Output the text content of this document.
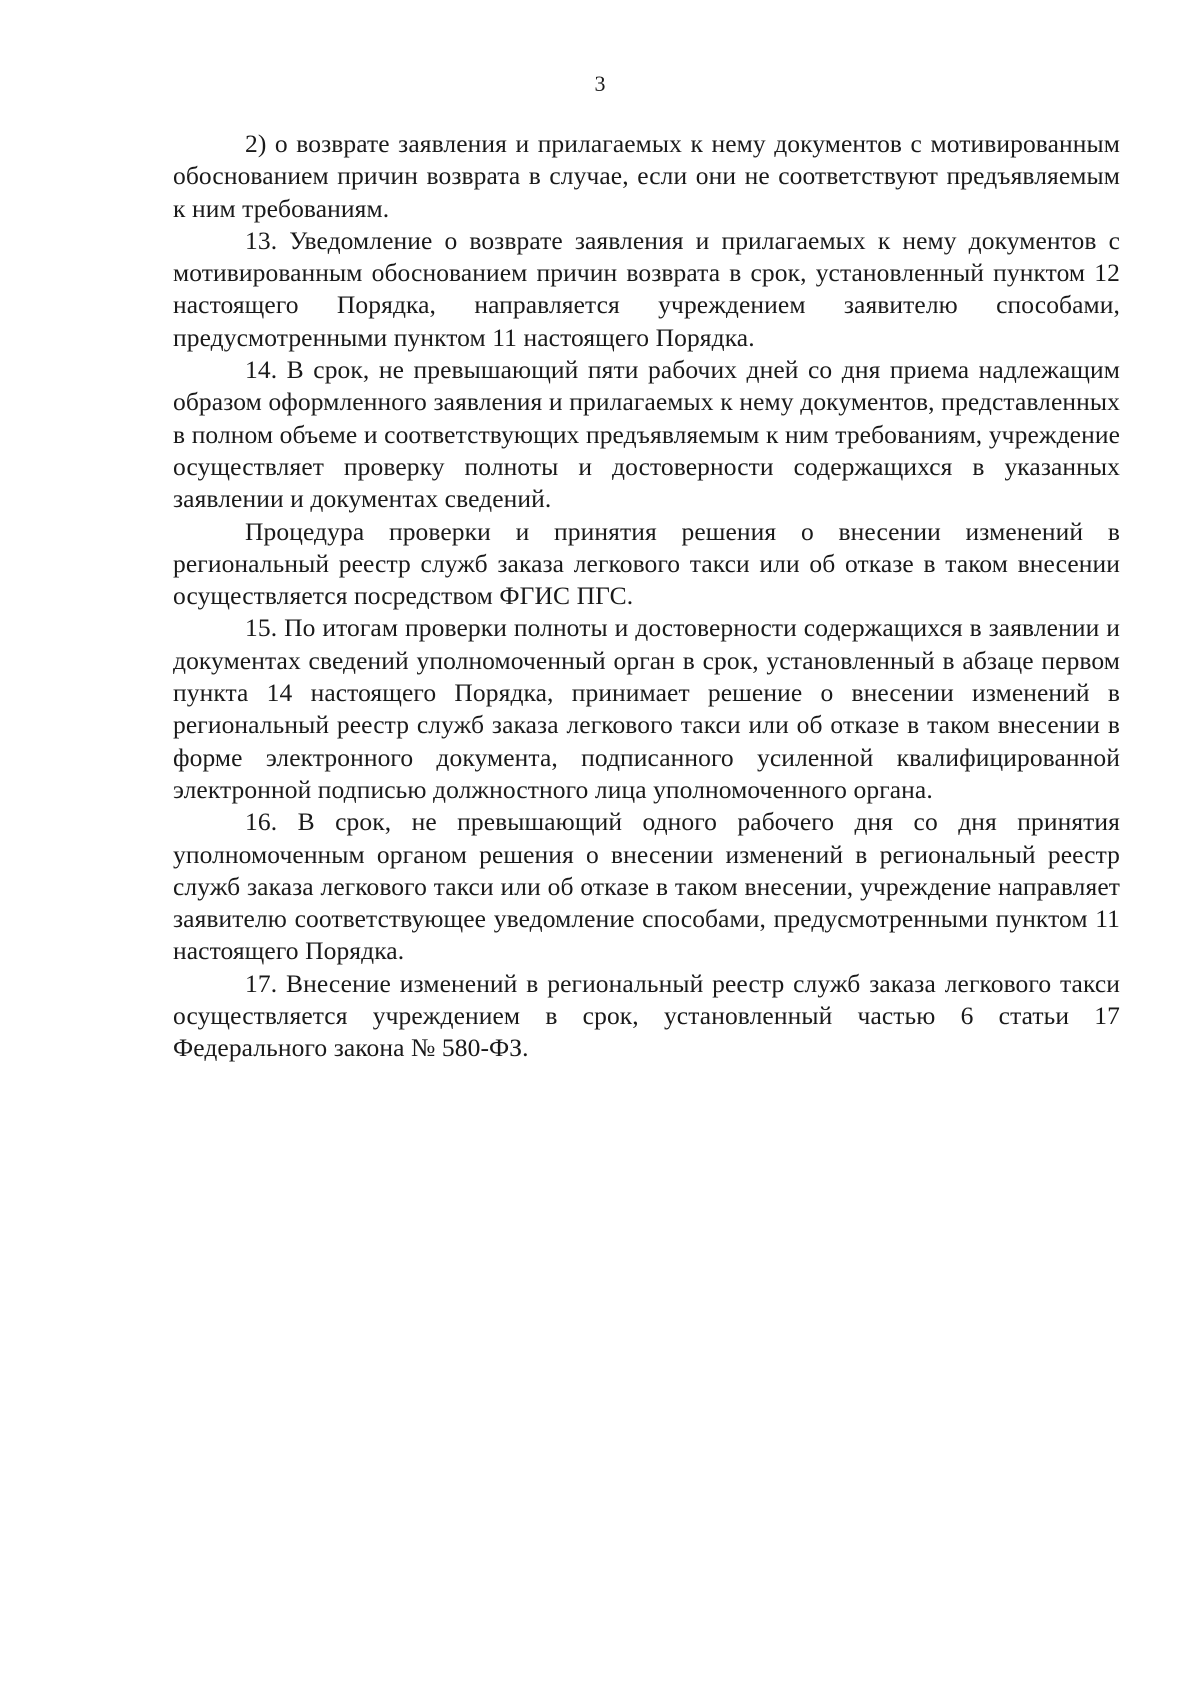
3

2) о возврате заявления и прилагаемых к нему документов с мотивированным обоснованием причин возврата в случае, если они не соответствуют предъявляемым к ним требованиям.

13. Уведомление о возврате заявления и прилагаемых к нему документов с мотивированным обоснованием причин возврата в срок, установленный пунктом 12 настоящего Порядка, направляется учреждением заявителю способами, предусмотренными пунктом 11 настоящего Порядка.

14. В срок, не превышающий пяти рабочих дней со дня приема надлежащим образом оформленного заявления и прилагаемых к нему документов, представленных в полном объеме и соответствующих предъявляемым к ним требованиям, учреждение осуществляет проверку полноты и достоверности содержащихся в указанных заявлении и документах сведений.

Процедура проверки и принятия решения о внесении изменений в региональный реестр служб заказа легкового такси или об отказе в таком внесении осуществляется посредством ФГИС ПГС.

15. По итогам проверки полноты и достоверности содержащихся в заявлении и документах сведений уполномоченный орган в срок, установленный в абзаце первом пункта 14 настоящего Порядка, принимает решение о внесении изменений в региональный реестр служб заказа легкового такси или об отказе в таком внесении в форме электронного документа, подписанного усиленной квалифицированной электронной подписью должностного лица уполномоченного органа.

16. В срок, не превышающий одного рабочего дня со дня принятия уполномоченным органом решения о внесении изменений в региональный реестр служб заказа легкового такси или об отказе в таком внесении, учреждение направляет заявителю соответствующее уведомление способами, предусмотренными пунктом 11 настоящего Порядка.

17. Внесение изменений в региональный реестр служб заказа легкового такси осуществляется учреждением в срок, установленный частью 6 статьи 17 Федерального закона № 580-ФЗ.
